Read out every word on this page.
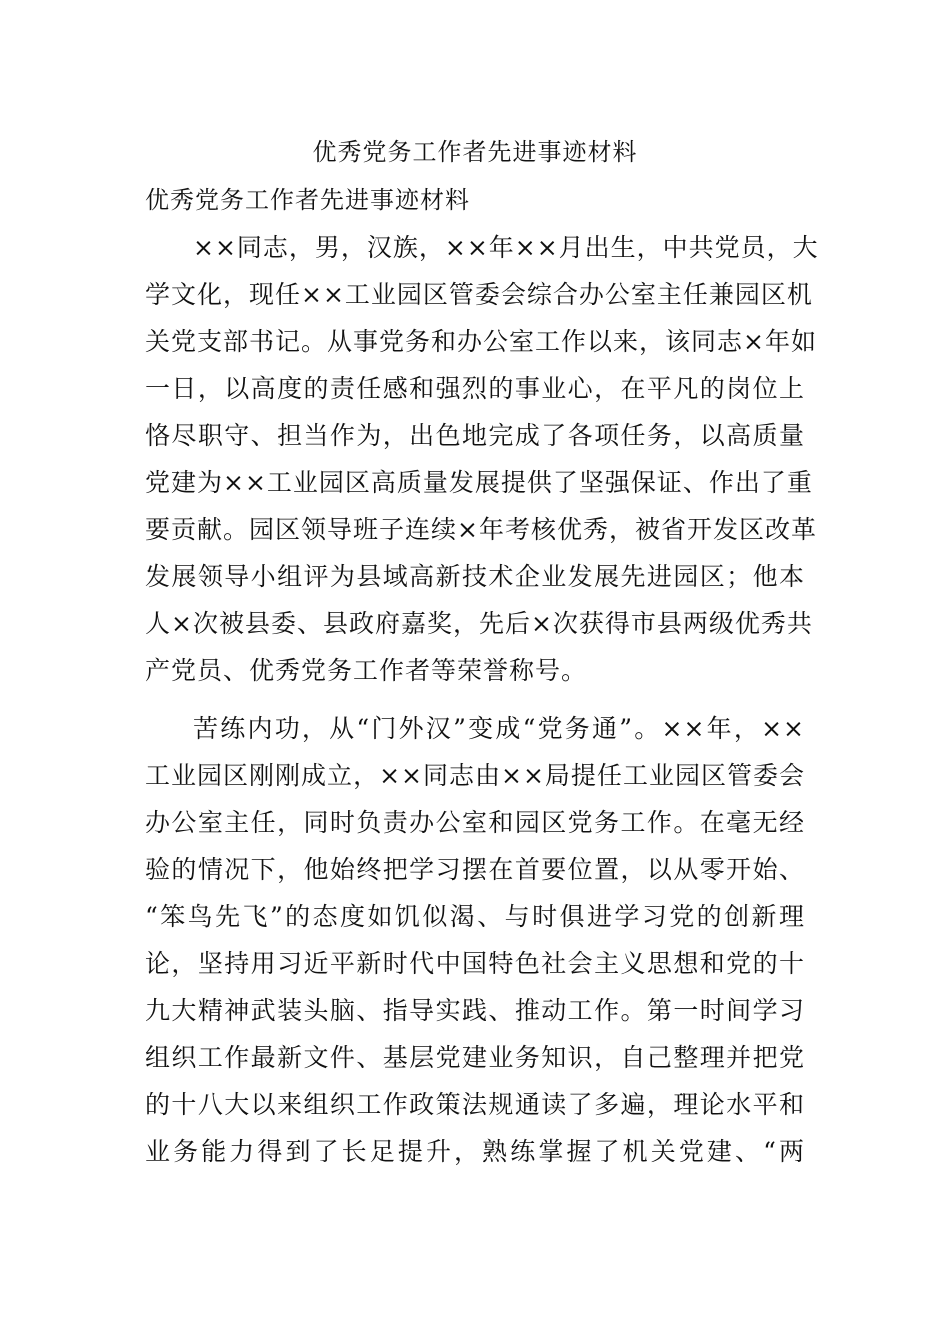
优秀党务工作者先进事迹材料
优秀党务工作者先进事迹材料
××同志，男，汉族，××年××月出生，中共党员，大
学文化，现任××工业园区管委会综合办公室主任兼园区机
关党支部书记。从事党务和办公室工作以来，该同志×年如
一日，以高度的责任感和强烈的事业心，在平凡的岗位上
恪尽职守、担当作为，出色地完成了各项任务，以高质量
党建为××工业园区高质量发展提供了坚强保证、作出了重
要贡献。园区领导班子连续×年考核优秀，被省开发区改革
发展领导小组评为县域高新技术企业发展先进园区；他本
人×次被县委、县政府嘉奖，先后×次获得市县两级优秀共
产党员、优秀党务工作者等荣誉称号。
苦练内功，从“门外汉”变成“党务通”。××年，××
工业园区刚刚成立，××同志由××局提任工业园区管委会
办公室主任，同时负责办公室和园区党务工作。在毫无经
验的情况下，他始终把学习摆在首要位置，以从零开始、
“笨鸟先飞”的态度如饥似渴、与时俱进学习党的创新理
论，坚持用习近平新时代中国特色社会主义思想和党的十
九大精神武装头脑、指导实践、推动工作。第一时间学习
组织工作最新文件、基层党建业务知识，自己整理并把党
的十八大以来组织工作政策法规通读了多遍，理论水平和
业务能力得到了长足提升，熟练掌握了机关党建、“两
